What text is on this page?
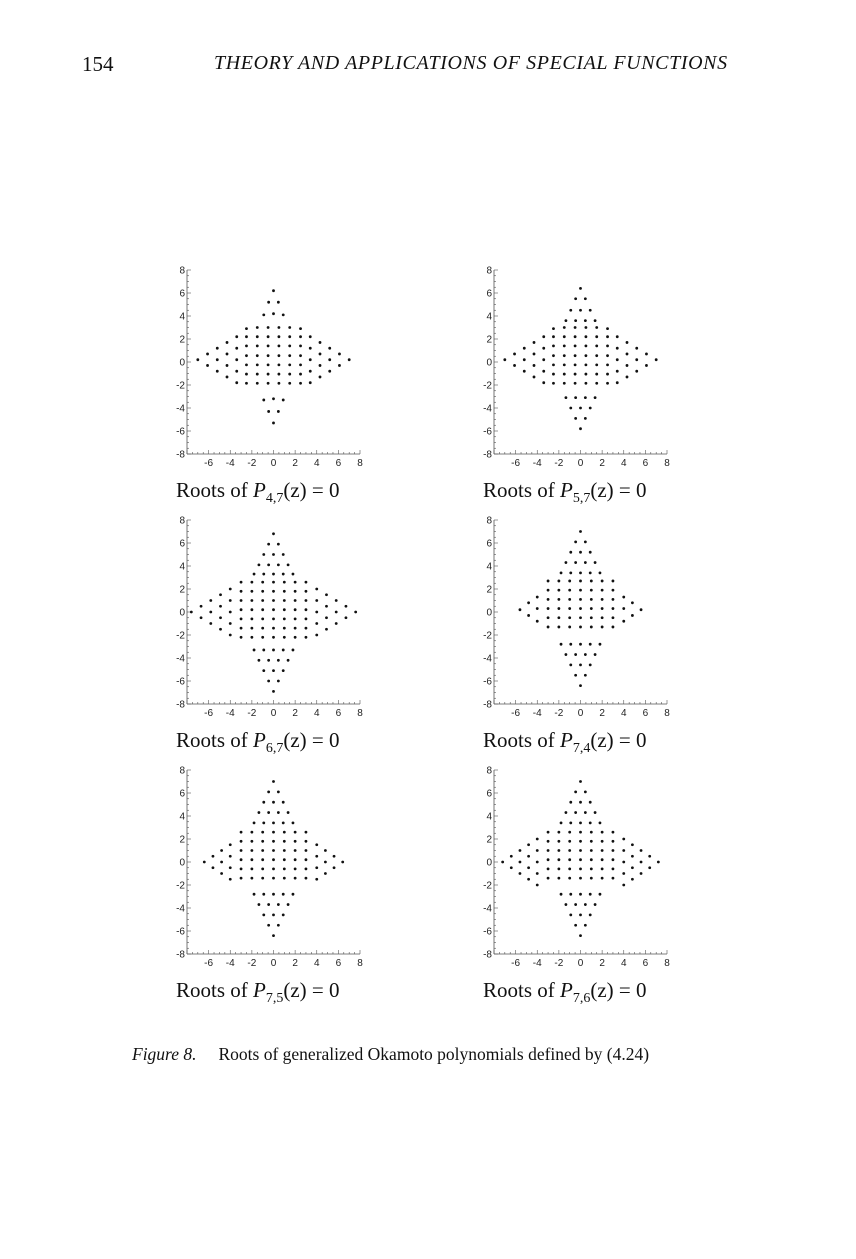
154	THEORY AND APPLICATIONS OF SPECIAL FUNCTIONS
8
6
4
2
0
-2
-4
-6
-8
-6 -4 -2 0 2 4 6 8
Roots of $P_{4,7}(z) = 0$
8
6
4
2
0
-2
-4
-6
-8
-6 -4 -2 0 2 4 6 8
Roots of $P_{5,7}(z) = 0$
8
6
4
2
0
-2
-4
-6
-8
-6 -4 -2 0 2 4 6 8
Roots of $P_{6,7}(z) = 0$
8
6
4
2
0
-2
-4
-6
-8
-6 -4 -2 0 2 4 6 8
Roots of $P_{7,4}(z) = 0$
8
6
4
2
0
-2
-4
-6
-8
-6 -4 -2 0 2 4 6 8
Roots of $P_{7,5}(z) = 0$
8
6
4
2
0
-2
-4
-6
-8
-6 -4 -2 0 2 4 6 8
Roots of $P_{7,6}(z) = 0$
Figure 8. Roots of generalized Okamoto polynomials defined by (4.24)
